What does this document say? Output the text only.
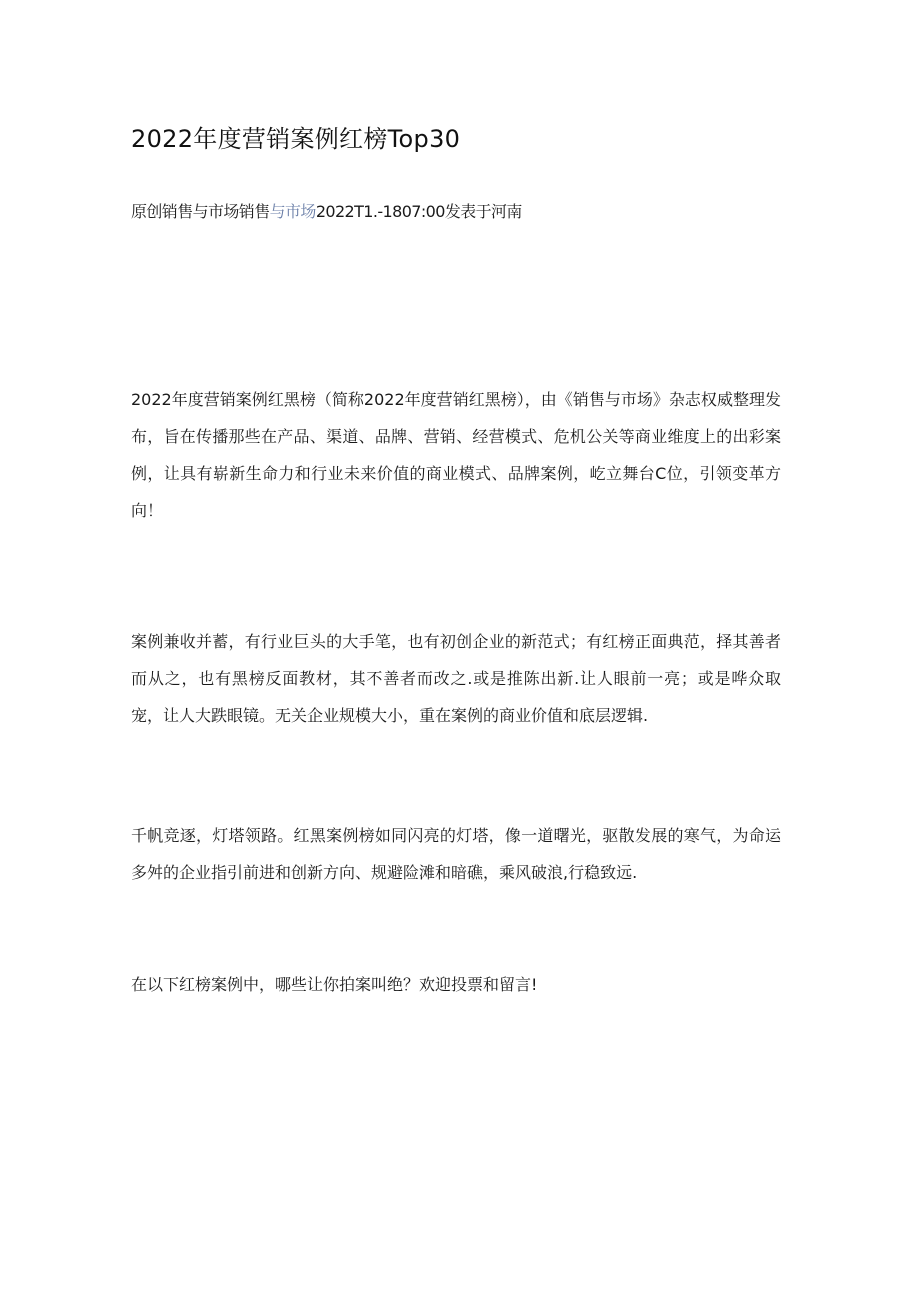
2022年度营销案例红榜Top30
原创销售与市场销售与市场2022T1.-1807:00发表于河南

2022年度营销案例红黑榜（简称2022年度营销红黑榜），由《销售与市场》杂志权威整理发布，旨在传播那些在产品、渠道、品牌、营销、经营模式、危机公关等商业维度上的出彩案例，让具有崭新生命力和行业未来价值的商业模式、品牌案例，屹立舞台C位，引领变革方向！

案例兼收并蓄，有行业巨头的大手笔，也有初创企业的新范式；有红榜正面典范，择其善者而从之，也有黑榜反面教材，其不善者而改之.或是推陈出新.让人眼前一亮；或是哗众取宠，让人大跌眼镜。无关企业规模大小，重在案例的商业价值和底层逻辑.

千帆竞逐，灯塔领路。红黑案例榜如同闪亮的灯塔，像一道曙光，驱散发展的寒气，为命运多舛的企业指引前进和创新方向、规避险滩和暗礁，乘风破浪,行稳致远.

在以下红榜案例中，哪些让你拍案叫绝？欢迎投票和留言!
